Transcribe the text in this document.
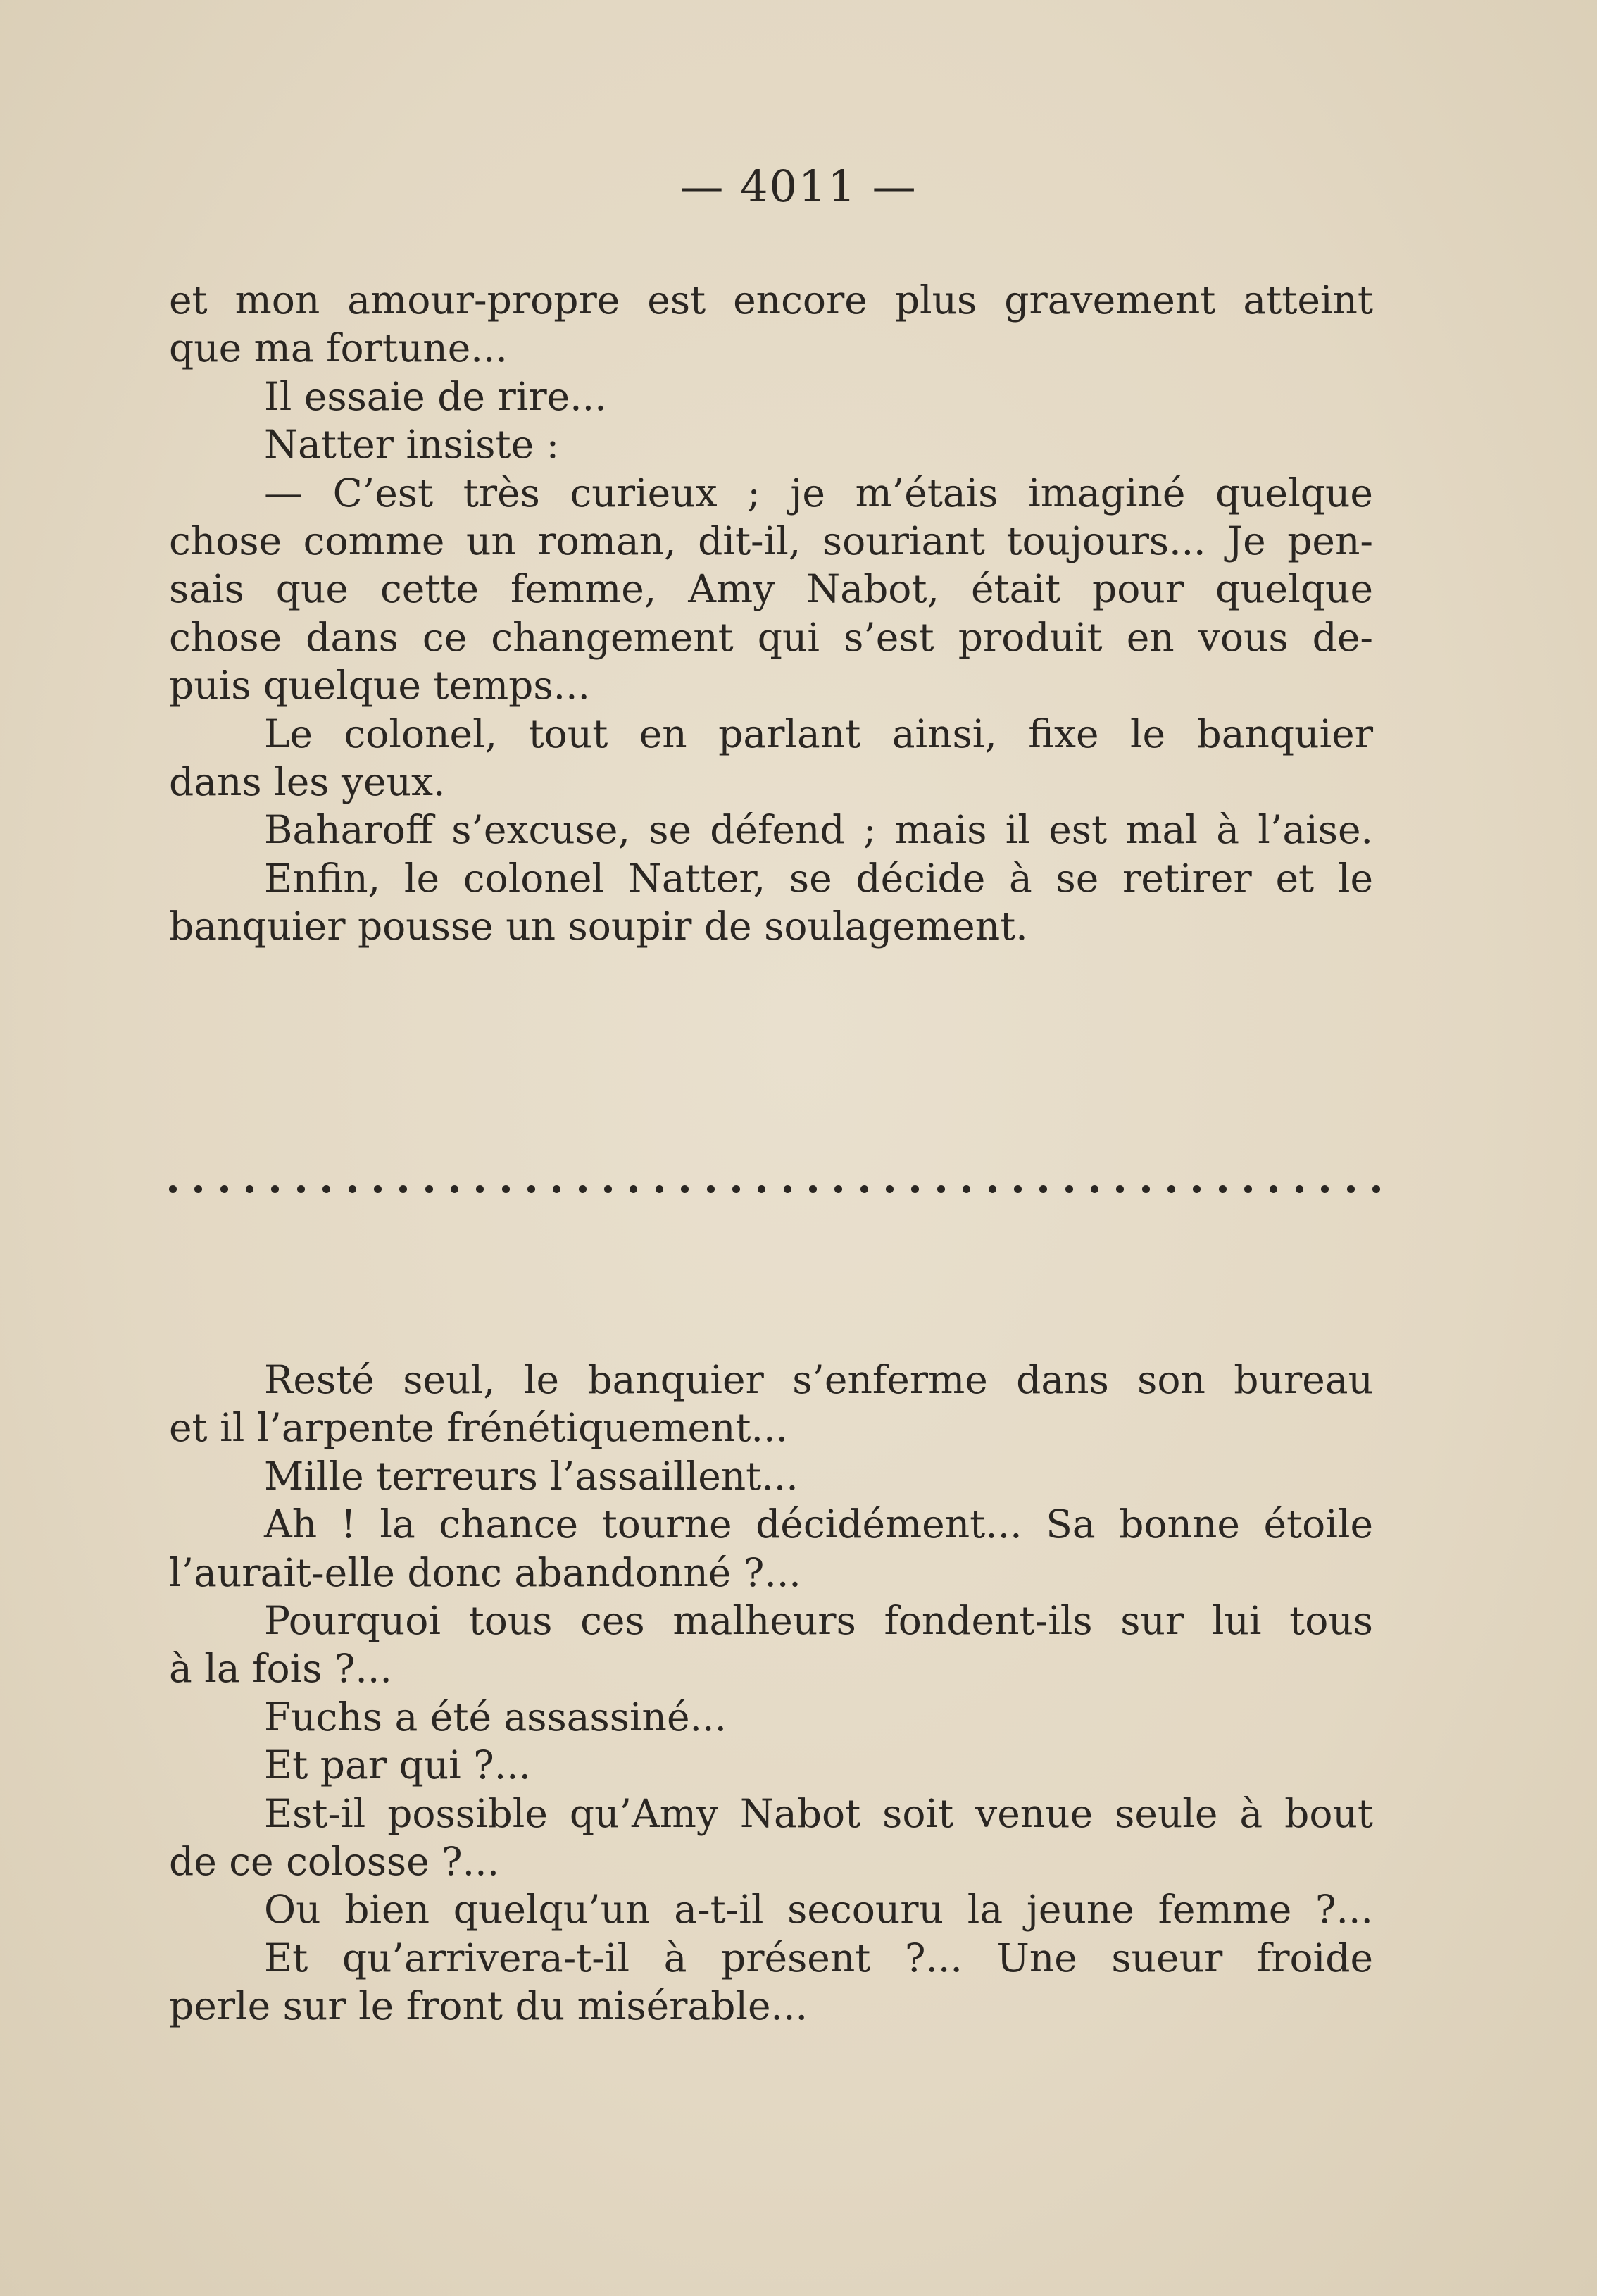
— 4011 —
et mon amour-propre est encore plus gravement atteint
que ma fortune...
Il essaie de rire...
Natter insiste :
— C’est très curieux ; je m’étais imaginé quelque
chose comme un roman, dit-il, souriant toujours... Je pen-
sais que cette femme, Amy Nabot, était pour quelque
chose dans ce changement qui s’est produit en vous de-
puis quelque temps...
Le colonel, tout en parlant ainsi, fixe le banquier
dans les yeux.
Baharoff s’excuse, se défend ; mais il est mal à l’aise.
Enfin, le colonel Natter, se décide à se retirer et le
banquier pousse un soupir de soulagement.
Resté seul, le banquier s’enferme dans son bureau
et il l’arpente frénétiquement...
Mille terreurs l’assaillent...
Ah ! la chance tourne décidément... Sa bonne étoile
l’aurait-elle donc abandonné ?...
Pourquoi tous ces malheurs fondent-ils sur lui tous
à la fois ?...
Fuchs a été assassiné...
Et par qui ?...
Est-il possible qu’Amy Nabot soit venue seule à bout
de ce colosse ?...
Ou bien quelqu’un a-t-il secouru la jeune femme ?...
Et qu’arrivera-t-il à présent ?... Une sueur froide
perle sur le front du misérable...
